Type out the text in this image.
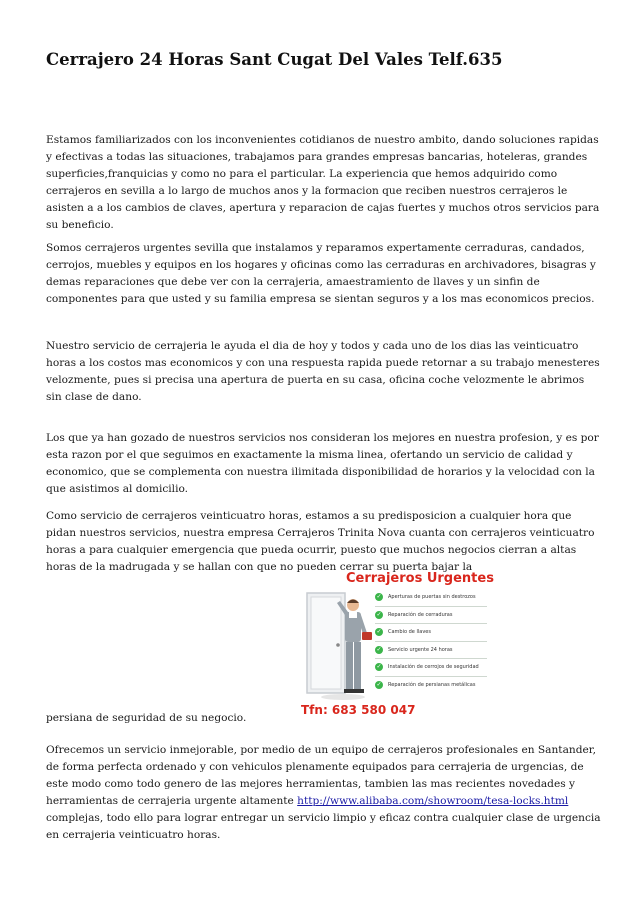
Cerrajero 24 Horas Sant Cugat Del Vales Telf.635

Estamos familiarizados con los inconvenientes cotidianos de nuestro ambito, dando soluciones rapidas y efectivas a todas las situaciones, trabajamos para grandes empresas bancarias, hoteleras, grandes superficies,franquicias y como no para el particular. La experiencia que hemos adquirido como cerrajeros en sevilla a lo largo de muchos anos y la formacion que reciben nuestros cerrajeros le asisten a a los cambios de claves, apertura y reparacion de cajas fuertes y muchos otros servicios para su beneficio.

Somos cerrajeros urgentes sevilla que instalamos y reparamos expertamente cerraduras, candados, cerrojos, muebles y equipos en los hogares y oficinas como las cerraduras en archivadores, bisagras y demas reparaciones que debe ver con la cerrajeria, amaestramiento de llaves y un sinfin de componentes para que usted y su familia empresa se sientan seguros y a los mas economicos precios.

Nuestro servicio de cerrajeria le ayuda el dia de hoy y todos y cada uno de los dias las veinticuatro horas a los costos mas economicos y con una respuesta rapida puede retornar a su trabajo menesteres velozmente, pues si precisa una apertura de puerta en su casa, oficina coche velozmente le abrimos sin clase de dano.

Los que ya han gozado de nuestros servicios nos consideran los mejores en nuestra profesion, y es por esta razon por el que seguimos en exactamente la misma linea, ofertando un servicio de calidad y economico, que se complementa con nuestra ilimitada disponibilidad de horarios y la velocidad con la que asistimos al domicilio.

Como servicio de cerrajeros veinticuatro horas, estamos a su predisposicion a cualquier hora que pidan nuestros servicios, nuestra empresa Cerrajeros Trinita Nova cuanta con cerrajeros veinticuatro horas a para cualquier emergencia que pueda ocurrir, puesto que muchos negocios cierran a altas horas de la madrugada y se hallan con que no pueden cerrar su puerta bajar la

Cerrajeros Urgentes
✓ Aperturas de puertas sin destrozos
✓ Reparación de cerraduras
✓ Cambio de llaves
✓ Servicio urgente 24 horas
✓ Instalación de cerrojos de seguridad
✓ Reparación de persianas metálicas
Tfn: 683 580 047

persiana de seguridad de su negocio.

Ofrecemos un servicio inmejorable, por medio de un equipo de cerrajeros profesionales en Santander, de forma perfecta ordenado y con vehiculos plenamente equipados para cerrajeria de urgencias, de este modo como todo genero de las mejores herramientas, tambien las mas recientes novedades y herramientas de cerrajeria urgente altamente http://www.alibaba.com/showroom/tesa-locks.html complejas, todo ello para lograr entregar un servicio limpio y eficaz contra cualquier clase de urgencia en cerrajeria veinticuatro horas.
